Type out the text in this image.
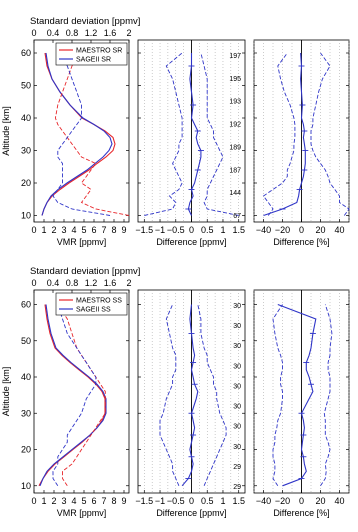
0 1 2 3 4 5 6 7 8 9
VMR [ppmv]
10
20
30
40
50
60
Altitude [km]
0 0.4 0.8 1.2 1.6 2
Standard deviation [ppmv]
MAESTRO SR
SAGEII SR
−1.5 −1 −0.5 0 0.5 1 1.5
Difference [ppmv]
197
195
193
192
189
187
144
67
−40 −20 0 20 40
Difference [%]
0 1 2 3 4 5 6 7 8 9
VMR [ppmv]
10
20
30
40
50
60
Altitude [km]
0 0.4 0.8 1.2 1.6 2
Standard deviation [ppmv]
MAESTRO SS
SAGEII SS
−1.5 −1 −0.5 0 0.5 1 1.5
Difference [ppmv]
30
30
30
30
30
30
30
30
29
29
−40 −20 0 20 40
Difference [%]
